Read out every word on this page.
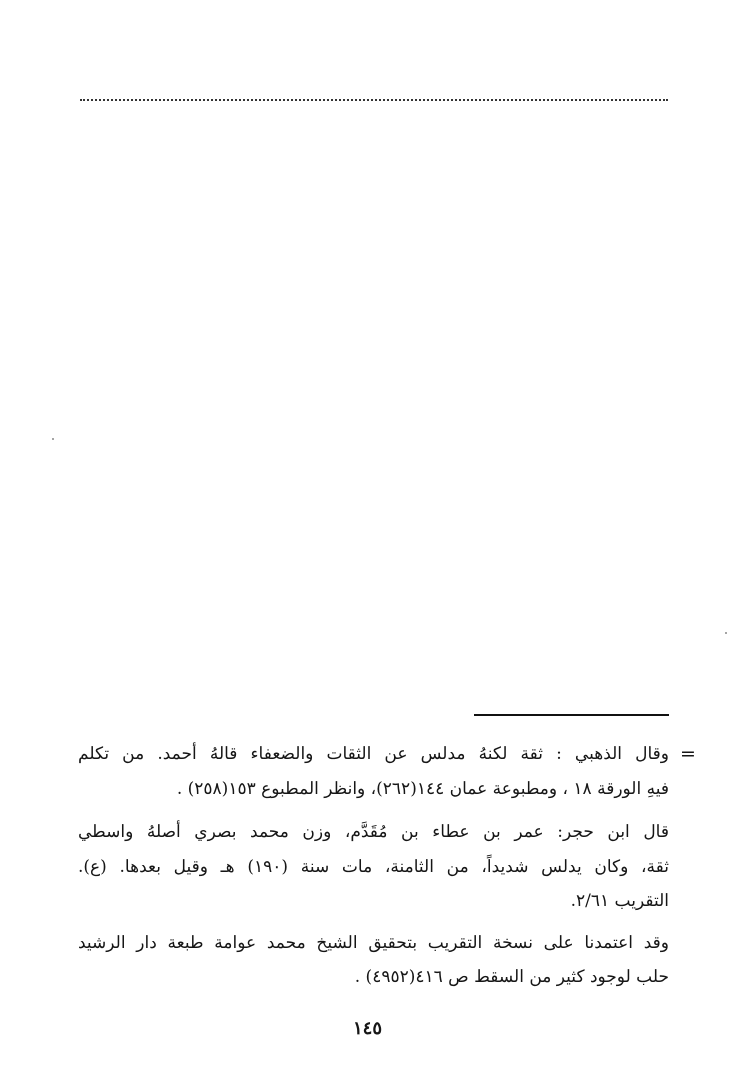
=
وقال الذهبي : ثقة لكنهُ مدلس عن الثقات والضعفاء قالهُ أحمد. من تكلم
فيهِ الورقة ١٨ ، ومطبوعة عمان ١٤٤(٢٦٢)، وانظر المطبوع ١٥٣(٢٥٨) .
قال ابن حجر: عمر بن عطاء بن مُقَدَّم، وزن محمد بصري أصلهُ واسطي
ثقة، وكان يدلس شديداً، من الثامنة، مات سنة (١٩٠) هـ وقيل بعدها. (ع).
التقريب ٢/٦١.
وقد اعتمدنا على نسخة التقريب بتحقيق الشيخ محمد عوامة طبعة دار الرشيد
حلب لوجود كثير من السقط ص ٤١٦(٤٩٥٢) .
١٤٥
